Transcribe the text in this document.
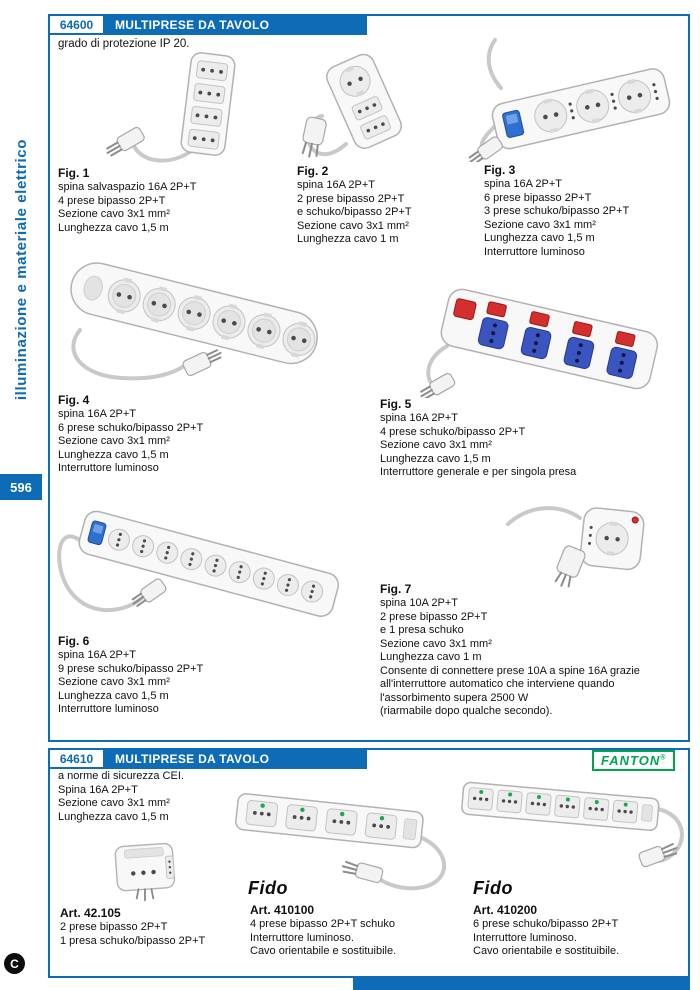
illuminazione e materiale elettrico
596
C
64600	MULTIPRESE DA TAVOLO
grado di protezione IP 20.
Fig. 1
spina salvaspazio 16A 2P+T
4 prese bipasso 2P+T
Sezione cavo 3x1 mm²
Lunghezza cavo 1,5 m
Fig. 2
spina 16A 2P+T
2 prese bipasso 2P+T
e schuko/bipasso 2P+T
Sezione cavo 3x1 mm²
Lunghezza cavo 1 m
Fig. 3
spina 16A 2P+T
6 prese bipasso 2P+T
3 prese schuko/bipasso 2P+T
Sezione cavo 3x1 mm²
Lunghezza cavo 1,5 m
Interruttore luminoso
Fig. 4
spina 16A 2P+T
6 prese schuko/bipasso 2P+T
Sezione cavo 3x1 mm²
Lunghezza cavo 1,5 m
Interruttore luminoso
Fig. 5
spina 16A 2P+T
4 prese schuko/bipasso 2P+T
Sezione cavo 3x1 mm²
Lunghezza cavo 1,5 m
Interruttore generale e per singola presa
Fig. 6
spina 16A 2P+T
9 prese schuko/bipasso 2P+T
Sezione cavo 3x1 mm²
Lunghezza cavo 1,5 m
Interruttore luminoso
Fig. 7
spina 10A 2P+T
2 prese bipasso 2P+T
e 1 presa schuko
Sezione cavo 3x1 mm²
Lunghezza cavo 1 m
Consente di connettere prese 10A a spine 16A grazie
all'interruttore automatico che interviene quando
l'assorbimento supera 2500 W
(riarmabile dopo qualche secondo).
64610	MULTIPRESE DA TAVOLO	FANTON®
a norme di sicurezza CEI.
Spina 16A 2P+T
Sezione cavo 3x1 mm²
Lunghezza cavo 1,5 m
Art. 42.105
2 prese bipasso 2P+T
1 presa schuko/bipasso 2P+T
Fido
Art. 410100
4 prese bipasso 2P+T schuko
Interruttore luminoso.
Cavo orientabile e sostituibile.
Fido
Art. 410200
6 prese schuko/bipasso 2P+T
Interruttore luminoso.
Cavo orientabile e sostituibile.
